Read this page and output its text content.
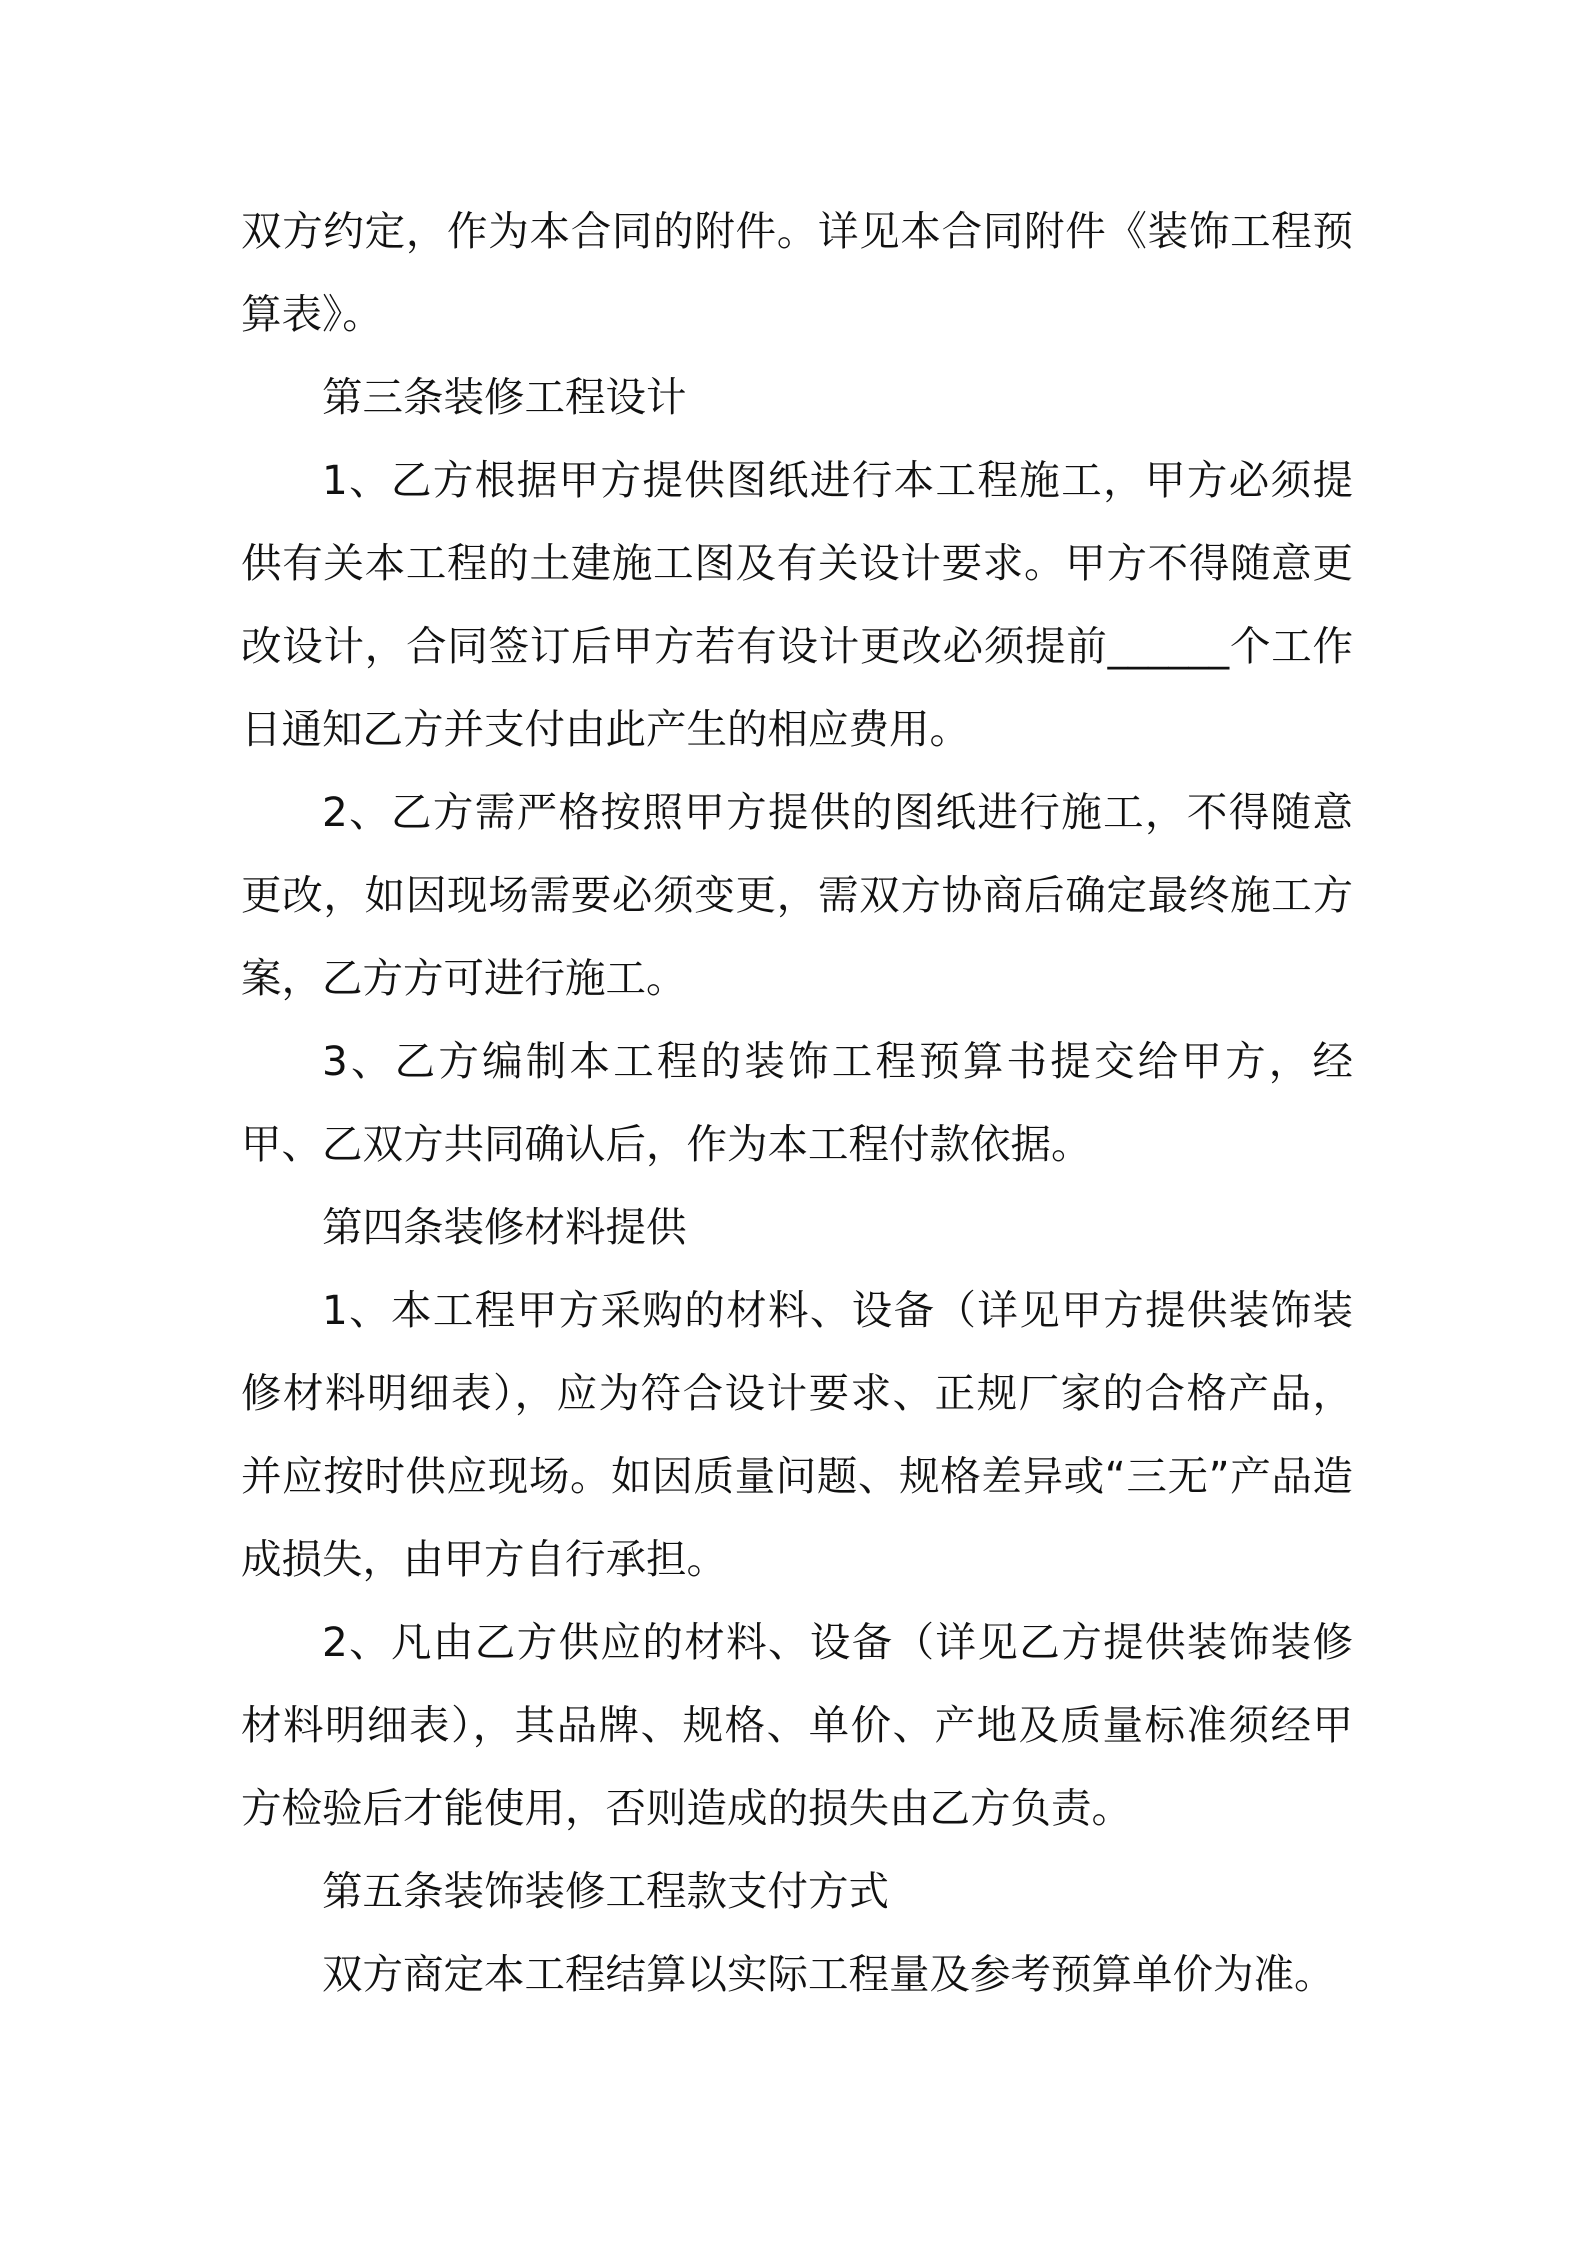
双方约定，作为本合同的附件。详见本合同附件《装饰工程预算表》。

第三条装修工程设计

1、乙方根据甲方提供图纸进行本工程施工，甲方必须提供有关本工程的土建施工图及有关设计要求。甲方不得随意更改设计，合同签订后甲方若有设计更改必须提前______个工作日通知乙方并支付由此产生的相应费用。

2、乙方需严格按照甲方提供的图纸进行施工，不得随意更改，如因现场需要必须变更，需双方协商后确定最终施工方案，乙方方可进行施工。

3、乙方编制本工程的装饰工程预算书提交给甲方，经甲、乙双方共同确认后，作为本工程付款依据。

第四条装修材料提供

1、本工程甲方采购的材料、设备（详见甲方提供装饰装修材料明细表），应为符合设计要求、正规厂家的合格产品，并应按时供应现场。如因质量问题、规格差异或“三无”产品造成损失，由甲方自行承担。

2、凡由乙方供应的材料、设备（详见乙方提供装饰装修材料明细表），其品牌、规格、单价、产地及质量标准须经甲方检验后才能使用，否则造成的损失由乙方负责。

第五条装饰装修工程款支付方式

双方商定本工程结算以实际工程量及参考预算单价为准。
